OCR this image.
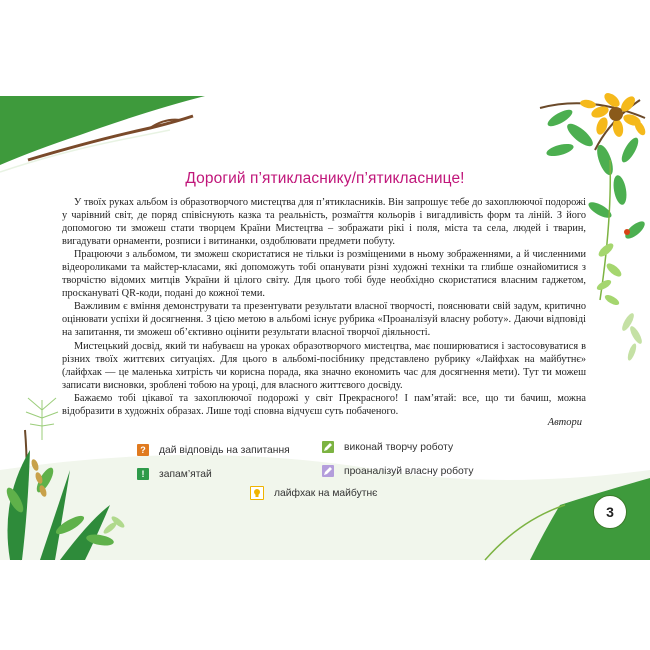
Дорогий п’ятикласнику/п’ятикласнице!

У твоїх руках альбом із образотворчого мистецтва для п’ятикласників. Він запрошує тебе до захоплюючої подорожі у чарівний світ, де поряд співіснують казка та реальність, розмаїття кольорів і вигадливість форм та ліній. З його допомогою ти зможеш стати творцем Країни Мистецтва – зображати рікі і поля, міста та села, людей і тварин, вигадувати орнаменти, розписи і витинанки, оздоблювати предмети побуту.

Працюючи з альбомом, ти зможеш скористатися не тільки із розміщеними в ньому зображеннями, а й численними відеороликами та майстер-класами, які допоможуть тобі опанувати різні художні техніки та глибше ознайомитися з творчістю відомих митців України й цілого світу. Для цього тобі буде необхідно скористатися власним гаджетом, проскануваті QR-коди, подані до кожної теми.

Важливим є вміння демонструвати та презентувати результати власної творчості, пояснювати свій задум, критично оцінювати успіхи й досягнення. З цією метою в альбомі існує рубрика «Проаналізуй власну роботу». Даючи відповіді на запитання, ти зможеш об’єктивно оцінити результати власної творчої діяльності.

Мистецький досвід, який ти набуваєш на уроках образотворчого мистецтва, має поширюватися і застосовуватися в різних твоїх життєвих ситуаціях. Для цього в альбомі-посібнику представлено рубрику «Лайфхак на майбутнє» (лайфхак — це маленька хитрість чи корисна порада, яка значно економить час для досягнення мети). Тут ти можеш записати висновки, зроблені тобою на уроці, для власного життєвого досвіду.

Бажаємо тобі цікавої та захоплюючої подорожі у світ Прекрасного! І пам’ятай: все, що ти бачиш, можна відобразити в художніх образах. Лише тоді сповна відчуєш суть побаченого.

Автори
?	дай відповідь на запитання
!	запам’ятай
лайфхак на майбутнє
виконай творчу роботу
проаналізуй власну роботу
3
